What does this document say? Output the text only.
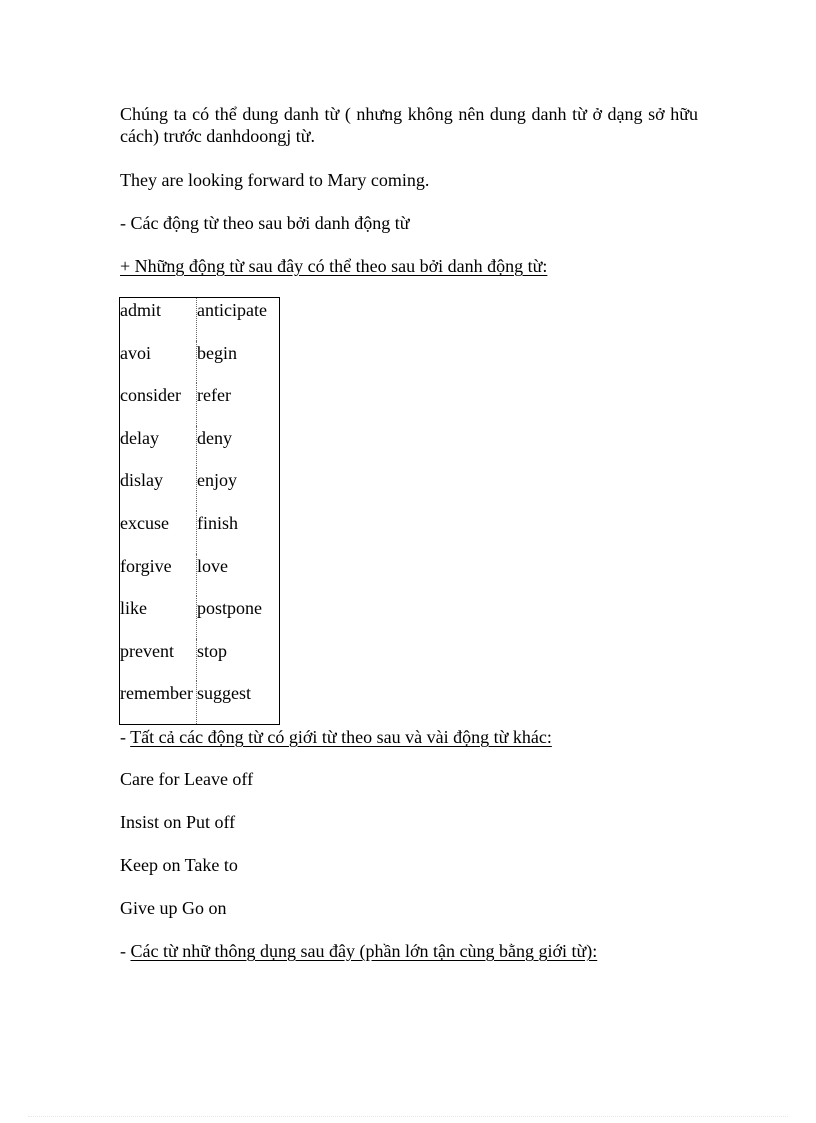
Chúng ta có thể dung danh từ ( nhưng không nên dung danh từ ở dạng sở hữu cách) trước danhdoongj từ.
They are looking forward to Mary coming.
- Các động từ theo sau bởi danh động từ
+ Những động từ sau đây có thể theo sau bởi danh động từ:
admit	anticipate
avoi	begin
consider	refer
delay	deny
dislay	enjoy
excuse	finish
forgive	love
like	postpone
prevent	stop
remember	suggest
- Tất cả các động từ có giới từ theo sau và vài động từ khác:
Care for Leave off
Insist on Put off
Keep on Take to
Give up Go on
- Các từ nhữ thông dụng sau đây (phần lớn tận cùng bằng giới từ):
